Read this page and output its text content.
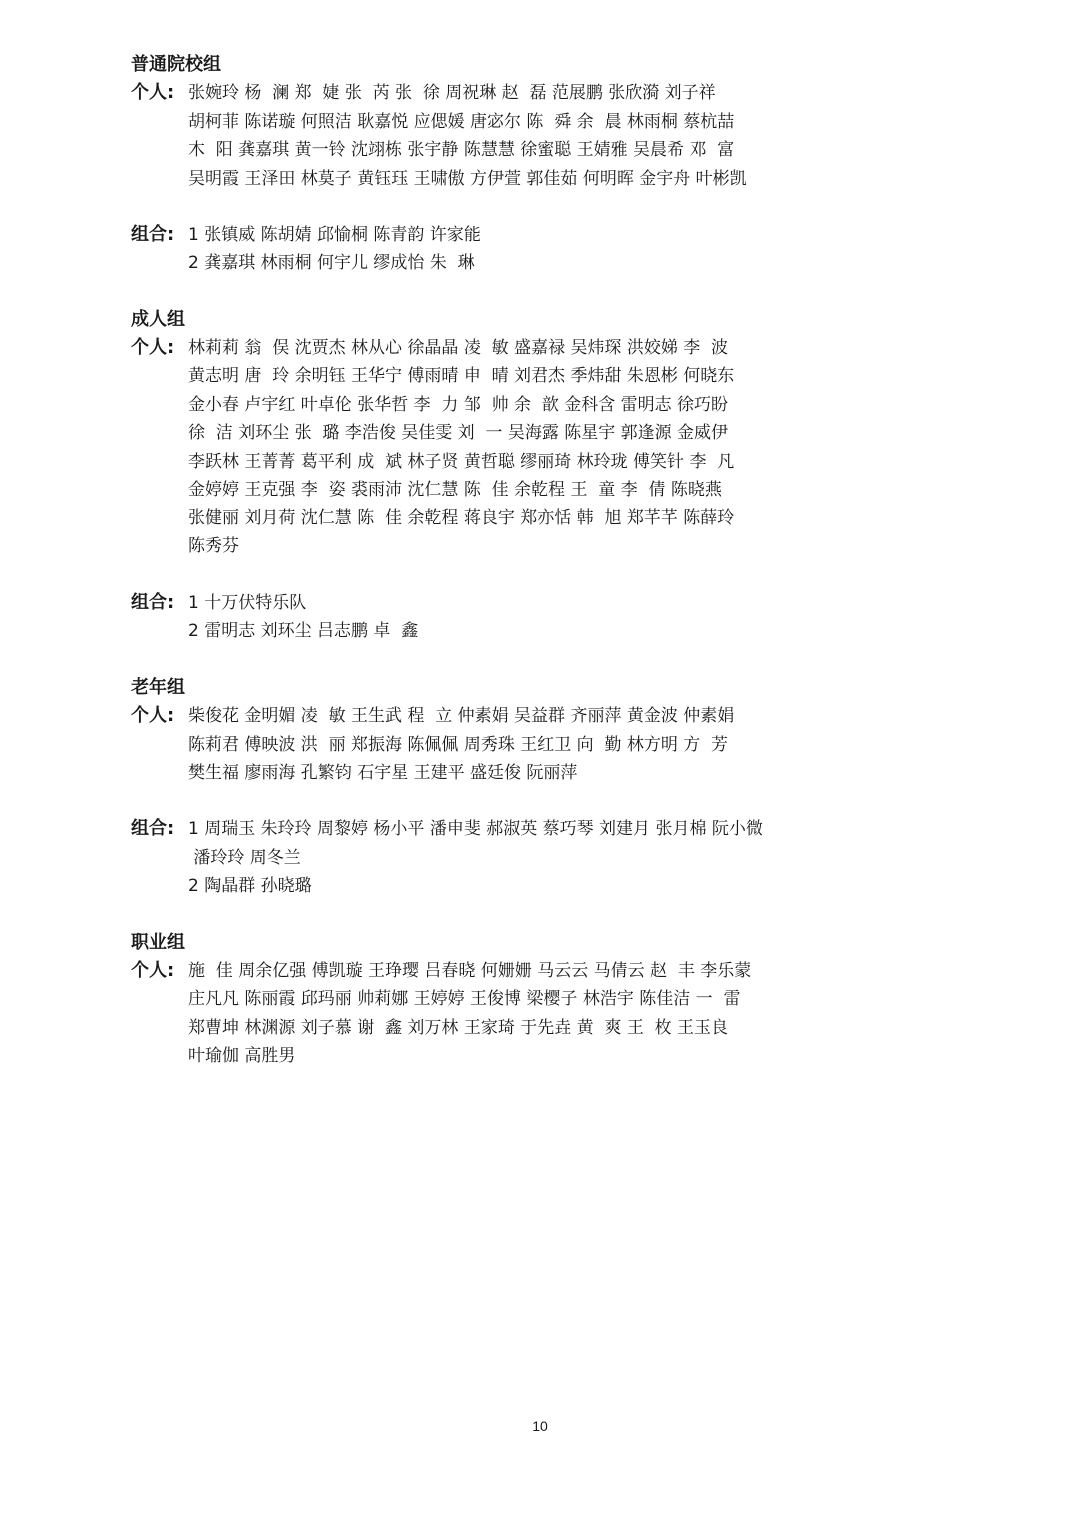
普通院校组
个人: 张婉玲 杨  澜 郑  婕 张  芮 张  徐 周祝琳 赵  磊 范展鹏 张欣漪 刘子祥
胡柯菲 陈诺璇 何照洁 耿嘉悦 应偲媛 唐宓尔 陈  舜 余  晨 林雨桐 蔡杭喆
木  阳 龚嘉琪 黄一铃 沈翊栋 张宇静 陈慧慧 徐蜜聪 王婧雅 吴晨希 邓  富
吴明霞 王泽田 林莫子 黄钰珏 王啸傲 方伊萱 郭佳茹 何明晖 金宇舟 叶彬凯
组合: 1 张镇威 陈胡婧 邱愉桐 陈青韵 许家能
2 龚嘉琪 林雨桐 何宇儿 缪成怡 朱  琳
成人组
个人: 林莉莉 翁  俣 沈贾杰 林从心 徐晶晶 凌  敏 盛嘉禄 吴炜琛 洪姣娣 李  波
黄志明 唐  玲 余明钰 王华宁 傅雨晴 申  晴 刘君杰 季炜甜 朱恩彬 何晓东
金小春 卢宇红 叶卓伦 张华哲 李  力 邹  帅 余  歆 金科含 雷明志 徐巧盼
徐  洁 刘环尘 张  璐 李浩俊 吴佳雯 刘  一 吴海露 陈星宇 郭逢源 金威伊
李跃林 王菁菁 葛平利 成  斌 林子贤 黄哲聪 缪丽琦 林玲珑 傅笑针 李  凡
金婷婷 王克强 李  姿 裘雨沛 沈仁慧 陈  佳 余乾程 王  童 李  倩 陈晓燕
张健丽 刘月荷 沈仁慧 陈  佳 余乾程 蒋良宇 郑亦恬 韩  旭 郑芊芊 陈薛玲
陈秀芬
组合: 1 十万伏特乐队
2 雷明志 刘环尘 吕志鹏 卓  鑫
老年组
个人: 柴俊花 金明媚 凌  敏 王生武 程  立 仲素娟 吴益群 齐丽萍 黄金波 仲素娟
陈莉君 傅映波 洪  丽 郑振海 陈佩佩 周秀珠 王红卫 向  勤 林方明 方  芳
樊生福 廖雨海 孔繁钧 石宇星 王建平 盛廷俊 阮丽萍
组合: 1 周瑞玉 朱玲玲 周黎婷 杨小平 潘申斐 郝淑英 蔡巧琴 刘建月 张月棉 阮小微
潘玲玲 周冬兰
2 陶晶群 孙晓璐
职业组
个人: 施  佳 周余亿强 傅凯璇 王琤璎 吕春晓 何姗姗 马云云 马倩云 赵  丰 李乐蒙
庄凡凡 陈丽霞 邱玛丽 帅莉娜 王婷婷 王俊博 梁樱子 林浩宇 陈佳洁 一  雷
郑曹坤 林渊源 刘子慕 谢  鑫 刘万林 王家琦 于先垚 黄  爽 王  枚 王玉良
叶瑜伽 高胜男
10
